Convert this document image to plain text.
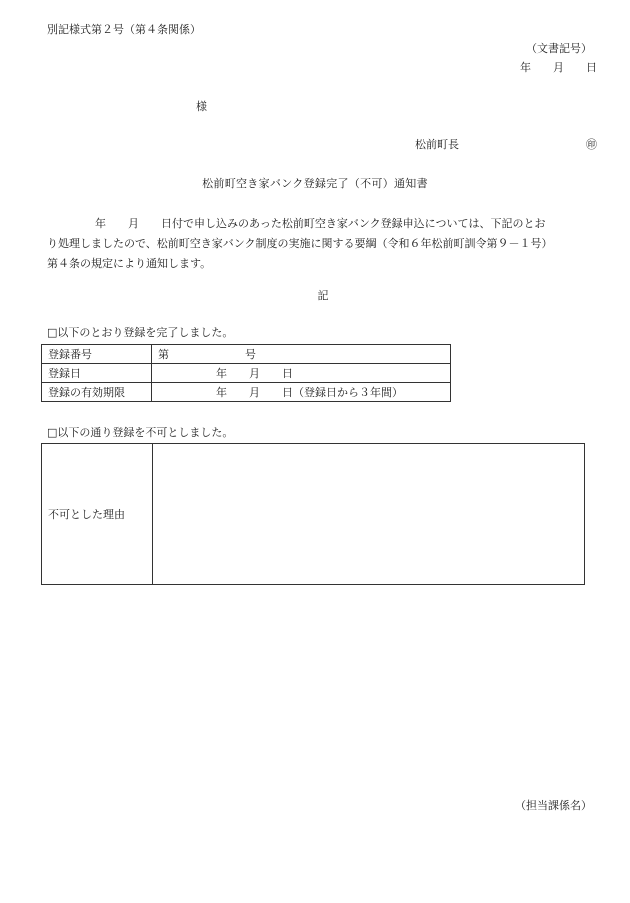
別記様式第２号（第４条関係）
（文書記号）
年 月 日
様
松前町長	㊞
松前町空き家バンク登録完了（不可）通知書
年 月 日付で申し込みのあった松前町空き家バンク登録申込については、下記のとお
り処理しましたので、松前町空き家バンク制度の実施に関する要綱（令和６年松前町訓令第９－１号）
第４条の規定により通知します。
記
□以下のとおり登録を完了しました。
登録番号	第 号
登録日	年 月 日
登録の有効期限	年 月 日（登録日から３年間）
□以下の通り登録を不可としました。
不可とした理由	
（担当課係名）
